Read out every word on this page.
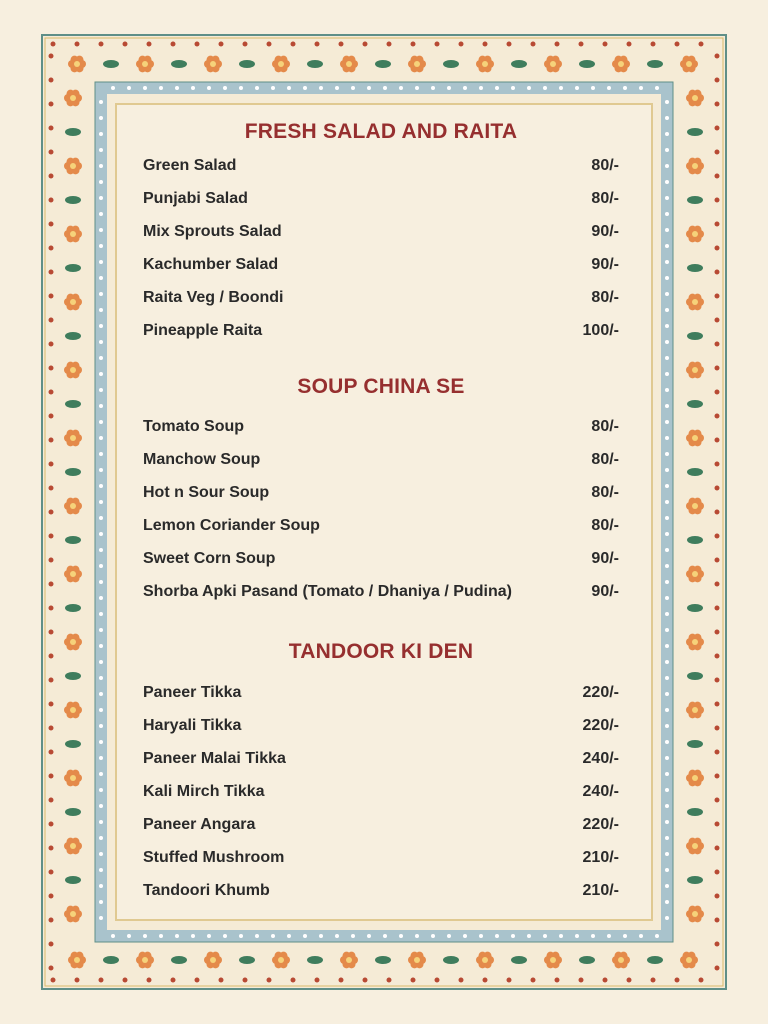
FRESH SALAD AND RAITA
Green Salad	80/-
Punjabi Salad	80/-
Mix Sprouts Salad	90/-
Kachumber Salad	90/-
Raita Veg / Boondi	80/-
Pineapple Raita	100/-
SOUP CHINA SE
Tomato Soup	80/-
Manchow Soup	80/-
Hot n Sour Soup	80/-
Lemon Coriander Soup	80/-
Sweet Corn Soup	90/-
Shorba Apki Pasand (Tomato / Dhaniya / Pudina)	90/-
TANDOOR KI DEN
Paneer Tikka	220/-
Haryali Tikka	220/-
Paneer Malai Tikka	240/-
Kali Mirch Tikka	240/-
Paneer Angara	220/-
Stuffed Mushroom	210/-
Tandoori Khumb	210/-
